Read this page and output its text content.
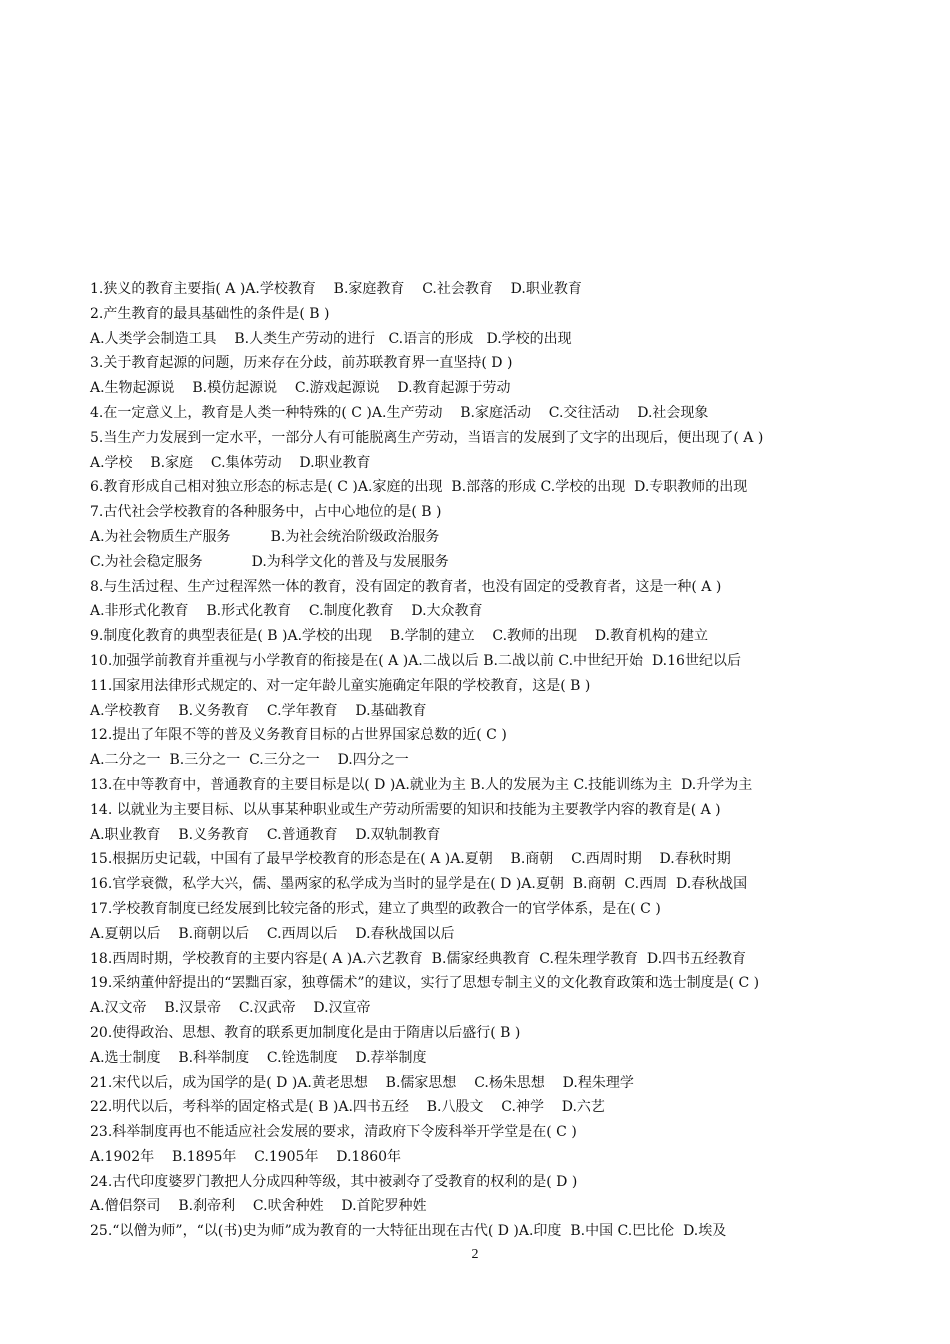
1.狭义的教育主要指( A )A.学校教育    B.家庭教育    C.社会教育    D.职业教育
2.产生教育的最具基础性的条件是( B )
A.人类学会制造工具    B.人类生产劳动的进行   C.语言的形成   D.学校的出现
3.关于教育起源的问题，历来存在分歧，前苏联教育界一直坚持( D )
A.生物起源说    B.模仿起源说    C.游戏起源说    D.教育起源于劳动
4.在一定意义上，教育是人类一种特殊的( C )A.生产劳动    B.家庭活动    C.交往活动    D.社会现象
5.当生产力发展到一定水平，一部分人有可能脱离生产劳动，当语言的发展到了文字的出现后，便出现了( A )
A.学校    B.家庭    C.集体劳动    D.职业教育
6.教育形成自己相对独立形态的标志是( C )A.家庭的出现  B.部落的形成 C.学校的出现  D.专职教师的出现
7.古代社会学校教育的各种服务中，占中心地位的是( B )
A.为社会物质生产服务         B.为社会统治阶级政治服务
C.为社会稳定服务           D.为科学文化的普及与发展服务
8.与生活过程、生产过程浑然一体的教育，没有固定的教育者，也没有固定的受教育者，这是一种( A )
A.非形式化教育    B.形式化教育    C.制度化教育    D.大众教育
9.制度化教育的典型表征是( B )A.学校的出现    B.学制的建立    C.教师的出现    D.教育机构的建立
10.加强学前教育并重视与小学教育的衔接是在( A )A.二战以后 B.二战以前 C.中世纪开始  D.16世纪以后
11.国家用法律形式规定的、对一定年龄儿童实施确定年限的学校教育，这是( B )
A.学校教育    B.义务教育    C.学年教育    D.基础教育
12.提出了年限不等的普及义务教育目标的占世界国家总数的近( C )
A.二分之一  B.三分之一  C.三分之一    D.四分之一
13.在中等教育中，普通教育的主要目标是以( D )A.就业为主 B.人的发展为主 C.技能训练为主  D.升学为主
14. 以就业为主要目标、以从事某种职业或生产劳动所需要的知识和技能为主要教学内容的教育是( A )
A.职业教育    B.义务教育    C.普通教育    D.双轨制教育
15.根据历史记载，中国有了最早学校教育的形态是在( A )A.夏朝    B.商朝    C.西周时期    D.春秋时期
16.官学衰微，私学大兴，儒、墨两家的私学成为当时的显学是在( D )A.夏朝  B.商朝  C.西周  D.春秋战国
17.学校教育制度已经发展到比较完备的形式，建立了典型的政教合一的官学体系，是在( C )
A.夏朝以后    B.商朝以后    C.西周以后    D.春秋战国以后
18.西周时期，学校教育的主要内容是( A )A.六艺教育  B.儒家经典教育  C.程朱理学教育  D.四书五经教育
19.采纳董仲舒提出的“罢黜百家，独尊儒术”的建议，实行了思想专制主义的文化教育政策和选士制度是( C )
A.汉文帝    B.汉景帝    C.汉武帝    D.汉宣帝
20.使得政治、思想、教育的联系更加制度化是由于隋唐以后盛行( B )
A.选士制度    B.科举制度    C.铨选制度    D.荐举制度
21.宋代以后，成为国学的是( D )A.黄老思想    B.儒家思想    C.杨朱思想    D.程朱理学
22.明代以后，考科举的固定格式是( B )A.四书五经    B.八股文    C.神学    D.六艺
23.科举制度再也不能适应社会发展的要求，清政府下令废科举开学堂是在( C )
A.1902年    B.1895年    C.1905年    D.1860年
24.古代印度婆罗门教把人分成四种等级，其中被剥夺了受教育的权利的是( D )
A.僧侣祭司    B.刹帝利    C.吠舍种姓    D.首陀罗种姓
25.“以僧为师”，“以(书)史为师”成为教育的一大特征出现在古代( D )A.印度  B.中国 C.巴比伦  D.埃及
2
